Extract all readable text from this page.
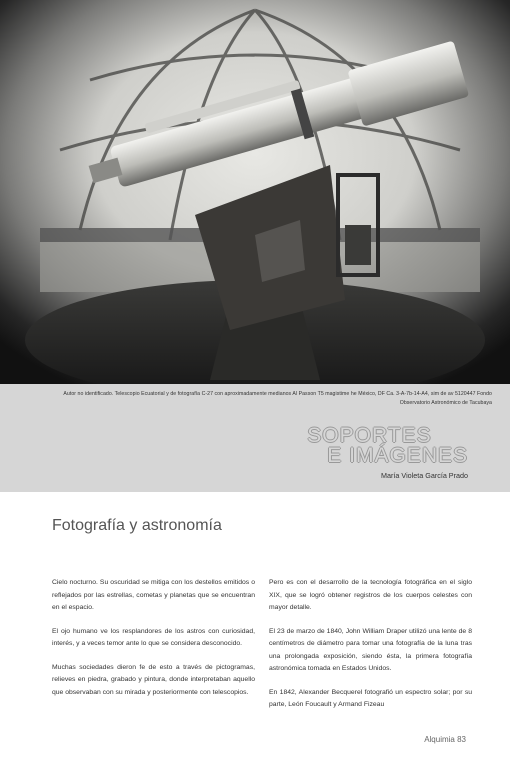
Autor no identificado. Telescopio Ecuatorial y de fotografía C-27 con aproximadamente medianos Al Passon T5 magistime he México, DF Ca. 3-A-7b-14-A4, sim de av 5120447 Fondo Observatorio Astronómico de Tacubaya
SOPORTES
E IMÁGENES
María Violeta García Prado
Fotografía y astronomía

Cielo nocturno. Su oscuridad se mitiga con los destellos emitidos o reflejados por las estrellas, cometas y planetas que se encuentran en el espacio.

El ojo humano ve los resplandores de los astros con curiosidad, interés, y a veces temor ante lo que se considera desconocido.

Muchas sociedades dieron fe de esto a través de pictogramas, relieves en piedra, grabado y pintura, donde interpretaban aquello que observaban con su mirada y posteriormente con telescopios.

Pero es con el desarrollo de la tecnología fotográfica en el siglo XIX, que se logró obtener registros de los cuerpos celestes con mayor detalle.

El 23 de marzo de 1840, John William Draper utilizó una lente de 8 centímetros de diámetro para tomar una fotografía de la luna tras una prolongada exposición, siendo ésta, la primera fotografía astronómica tomada en Estados Unidos.

En 1842, Alexander Becquerel fotografió un espectro solar; por su parte, León Foucault y Armand Fizeau

Alquimia 83
